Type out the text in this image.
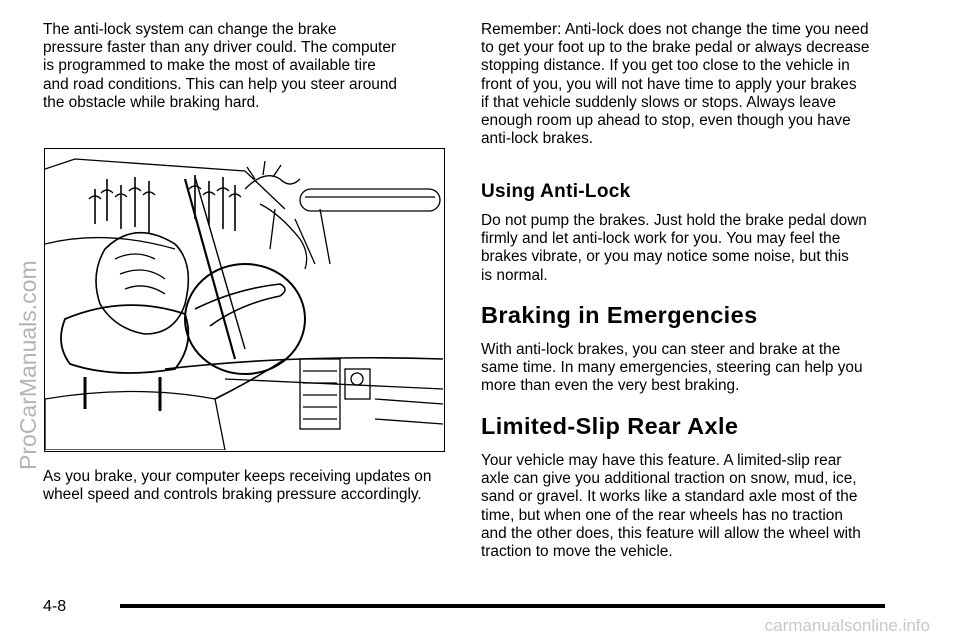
The anti-lock system can change the brake
pressure faster than any driver could. The computer
is programmed to make the most of available tire
and road conditions. This can help you steer around
the obstacle while braking hard.

As you brake, your computer keeps receiving updates on
wheel speed and controls braking pressure accordingly.

Remember: Anti-lock does not change the time you need
to get your foot up to the brake pedal or always decrease
stopping distance. If you get too close to the vehicle in
front of you, you will not have time to apply your brakes
if that vehicle suddenly slows or stops. Always leave
enough room up ahead to stop, even though you have
anti-lock brakes.

Using Anti-Lock

Do not pump the brakes. Just hold the brake pedal down
firmly and let anti-lock work for you. You may feel the
brakes vibrate, or you may notice some noise, but this
is normal.

Braking in Emergencies

With anti-lock brakes, you can steer and brake at the
same time. In many emergencies, steering can help you
more than even the very best braking.

Limited-Slip Rear Axle

Your vehicle may have this feature. A limited-slip rear
axle can give you additional traction on snow, mud, ice,
sand or gravel. It works like a standard axle most of the
time, but when one of the rear wheels has no traction
and the other does, this feature will allow the wheel with
traction to move the vehicle.

ProCarManuals.com
4-8
carmanualsonline.info
